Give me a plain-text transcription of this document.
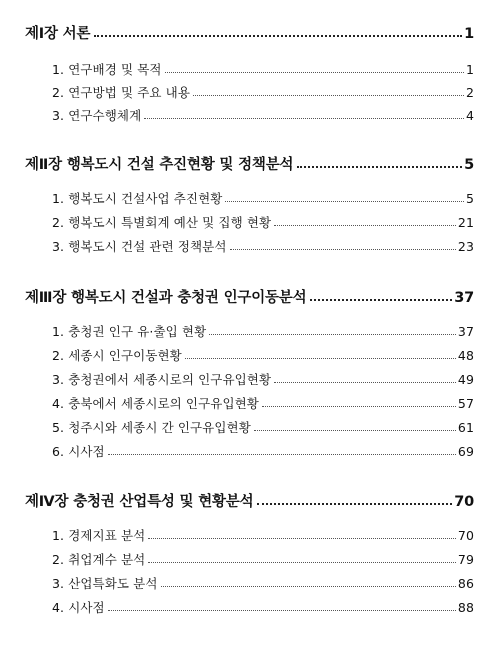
제Ⅰ장 서론	1
1. 연구배경 및 목적	1
2. 연구방법 및 주요 내용	2
3. 연구수행체계	4
제Ⅱ장 행복도시 건설 추진현황 및 정책분석	5
1. 행복도시 건설사업 추진현황	5
2. 행복도시 특별회계 예산 및 집행 현황	21
3. 행복도시 건설 관련 정책분석	23
제Ⅲ장 행복도시 건설과 충청권 인구이동분석	37
1. 충청권 인구 유·출입 현황	37
2. 세종시 인구이동현황	48
3. 충청권에서 세종시로의 인구유입현황	49
4. 충북에서 세종시로의 인구유입현황	57
5. 청주시와 세종시 간 인구유입현황	61
6. 시사점	69
제Ⅳ장 충청권 산업특성 및 현황분석	70
1. 경제지표 분석	70
2. 취업계수 분석	79
3. 산업특화도 분석	86
4. 시사점	88
